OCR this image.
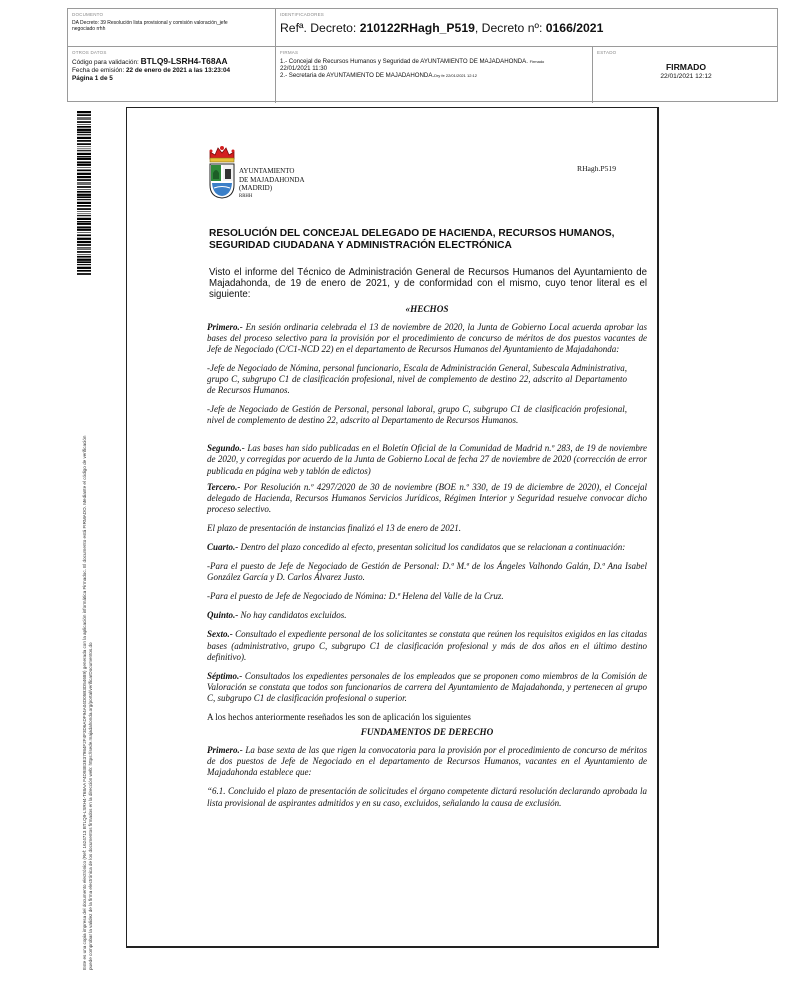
DOCUMENTO
DA Decreto: 39 Resolución lista provisional y comisión valoración_jefe negociado rrhh
IDENTIFICADORES
Refª. Decreto: 210122RHagh_P519, Decreto nº: 0166/2021
OTROS DATOS
Código para validación: BTLQ9-LSRH4-T68AA
Fecha de emisión: 22 de enero de 2021 a las 13:23:04
Página 1 de 5
FIRMAS
1.- Concejal de Recursos Humanos y Seguridad de AYUNTAMIENTO DE MAJADAHONDA. Firmado
22/01/2021 11:30
2.- Secretaria de AYUNTAMIENTO DE MAJADAHONDA.Dry fe 22/01/2021 12:12
ESTADO
FIRMADO
22/01/2021 12:12
Este es una copia impresa del documento electrónico (Ref: 1624713 BTLQ9-LSRH4-T68AA F4D93E3E37984F2F4F3D6ADF94A04D05B3D54689) generada con la aplicación informática Firmadoc. El documento está FIRMADO. Mediante el código de verificación puede comprobar la validez de la firma electrónica de los documentos firmados en la dirección web: https://sede.majadahonda.org/portal/verificarDocumentos.do
AYUNTAMIENTO
DE MAJADAHONDA
(MADRID)
RRHH
RHagh.P519
RESOLUCIÓN DEL CONCEJAL DELEGADO DE HACIENDA, RECURSOS HUMANOS, SEGURIDAD CIUDADANA Y ADMINISTRACIÓN ELECTRÓNICA
Visto el informe del Técnico de Administración General de Recursos Humanos del Ayuntamiento de Majadahonda, de 19 de enero de 2021, y de conformidad con el mismo, cuyo tenor literal es el siguiente:
«HECHOS
Primero.- En sesión ordinaria celebrada el 13 de noviembre de 2020, la Junta de Gobierno Local acuerda aprobar las bases del proceso selectivo para la provisión por el procedimiento de concurso de méritos de dos puestos vacantes de Jefe de Negociado (C/C1-NCD 22) en el departamento de Recursos Humanos del Ayuntamiento de Majadahonda:
-Jefe de Negociado de Nómina, personal funcionario, Escala de Administración General, Subescala Administrativa, grupo C, subgrupo C1 de clasificación profesional, nivel de complemento de destino 22, adscrito al Departamento de Recursos Humanos.
-Jefe de Negociado de Gestión de Personal, personal laboral, grupo C, subgrupo C1 de clasificación profesional, nivel de complemento de destino 22, adscrito al Departamento de Recursos Humanos.
Segundo.- Las bases han sido publicadas en el Boletín Oficial de la Comunidad de Madrid n.º 283, de 19 de noviembre de 2020, y corregidas por acuerdo de la Junta de Gobierno Local de fecha 27 de noviembre de 2020 (corrección de error publicada en página web y tablón de edictos)
Tercero.- Por Resolución n.º 4297/2020 de 30 de noviembre (BOE n.º 330, de 19 de diciembre de 2020), el Concejal delegado de Hacienda, Recursos Humanos Servicios Jurídicos, Régimen Interior y Seguridad resuelve convocar dicho proceso selectivo.
El plazo de presentación de instancias finalizó el 13 de enero de 2021.
Cuarto.- Dentro del plazo concedido al efecto, presentan solicitud los candidatos que se relacionan a continuación:
-Para el puesto de Jefe de Negociado de Gestión de Personal: D.ª M.ª de los Ángeles Valhondo Galán, D.ª Ana Isabel González García y D. Carlos Álvarez Justo.
-Para el puesto de Jefe de Negociado de Nómina: D.ª Helena del Valle de la Cruz.
Quinto.- No hay candidatos excluidos.
Sexto.- Consultado el expediente personal de los solicitantes se constata que reúnen los requisitos exigidos en las citadas bases (administrativo, grupo C, subgrupo C1 de clasificación profesional y más de dos años en el último destino definitivo).
Séptimo.- Consultados los expedientes personales de los empleados que se proponen como miembros de la Comisión de Valoración se constata que todos son funcionarios de carrera del Ayuntamiento de Majadahonda, y pertenecen al grupo C, subgrupo C1 de clasificación profesional o superior.
A los hechos anteriormente reseñados les son de aplicación los siguientes
FUNDAMENTOS DE DERECHO
Primero.- La base sexta de las que rigen la convocatoria para la provisión por el procedimiento de concurso de méritos de dos puestos de Jefe de Negociado en el departamento de Recursos Humanos, vacantes en el Ayuntamiento de Majadahonda establece que:
“6.1. Concluido el plazo de presentación de solicitudes el órgano competente dictará resolución declarando aprobada la lista provisional de aspirantes admitidos y en su caso, excluidos, señalando la causa de exclusión.
